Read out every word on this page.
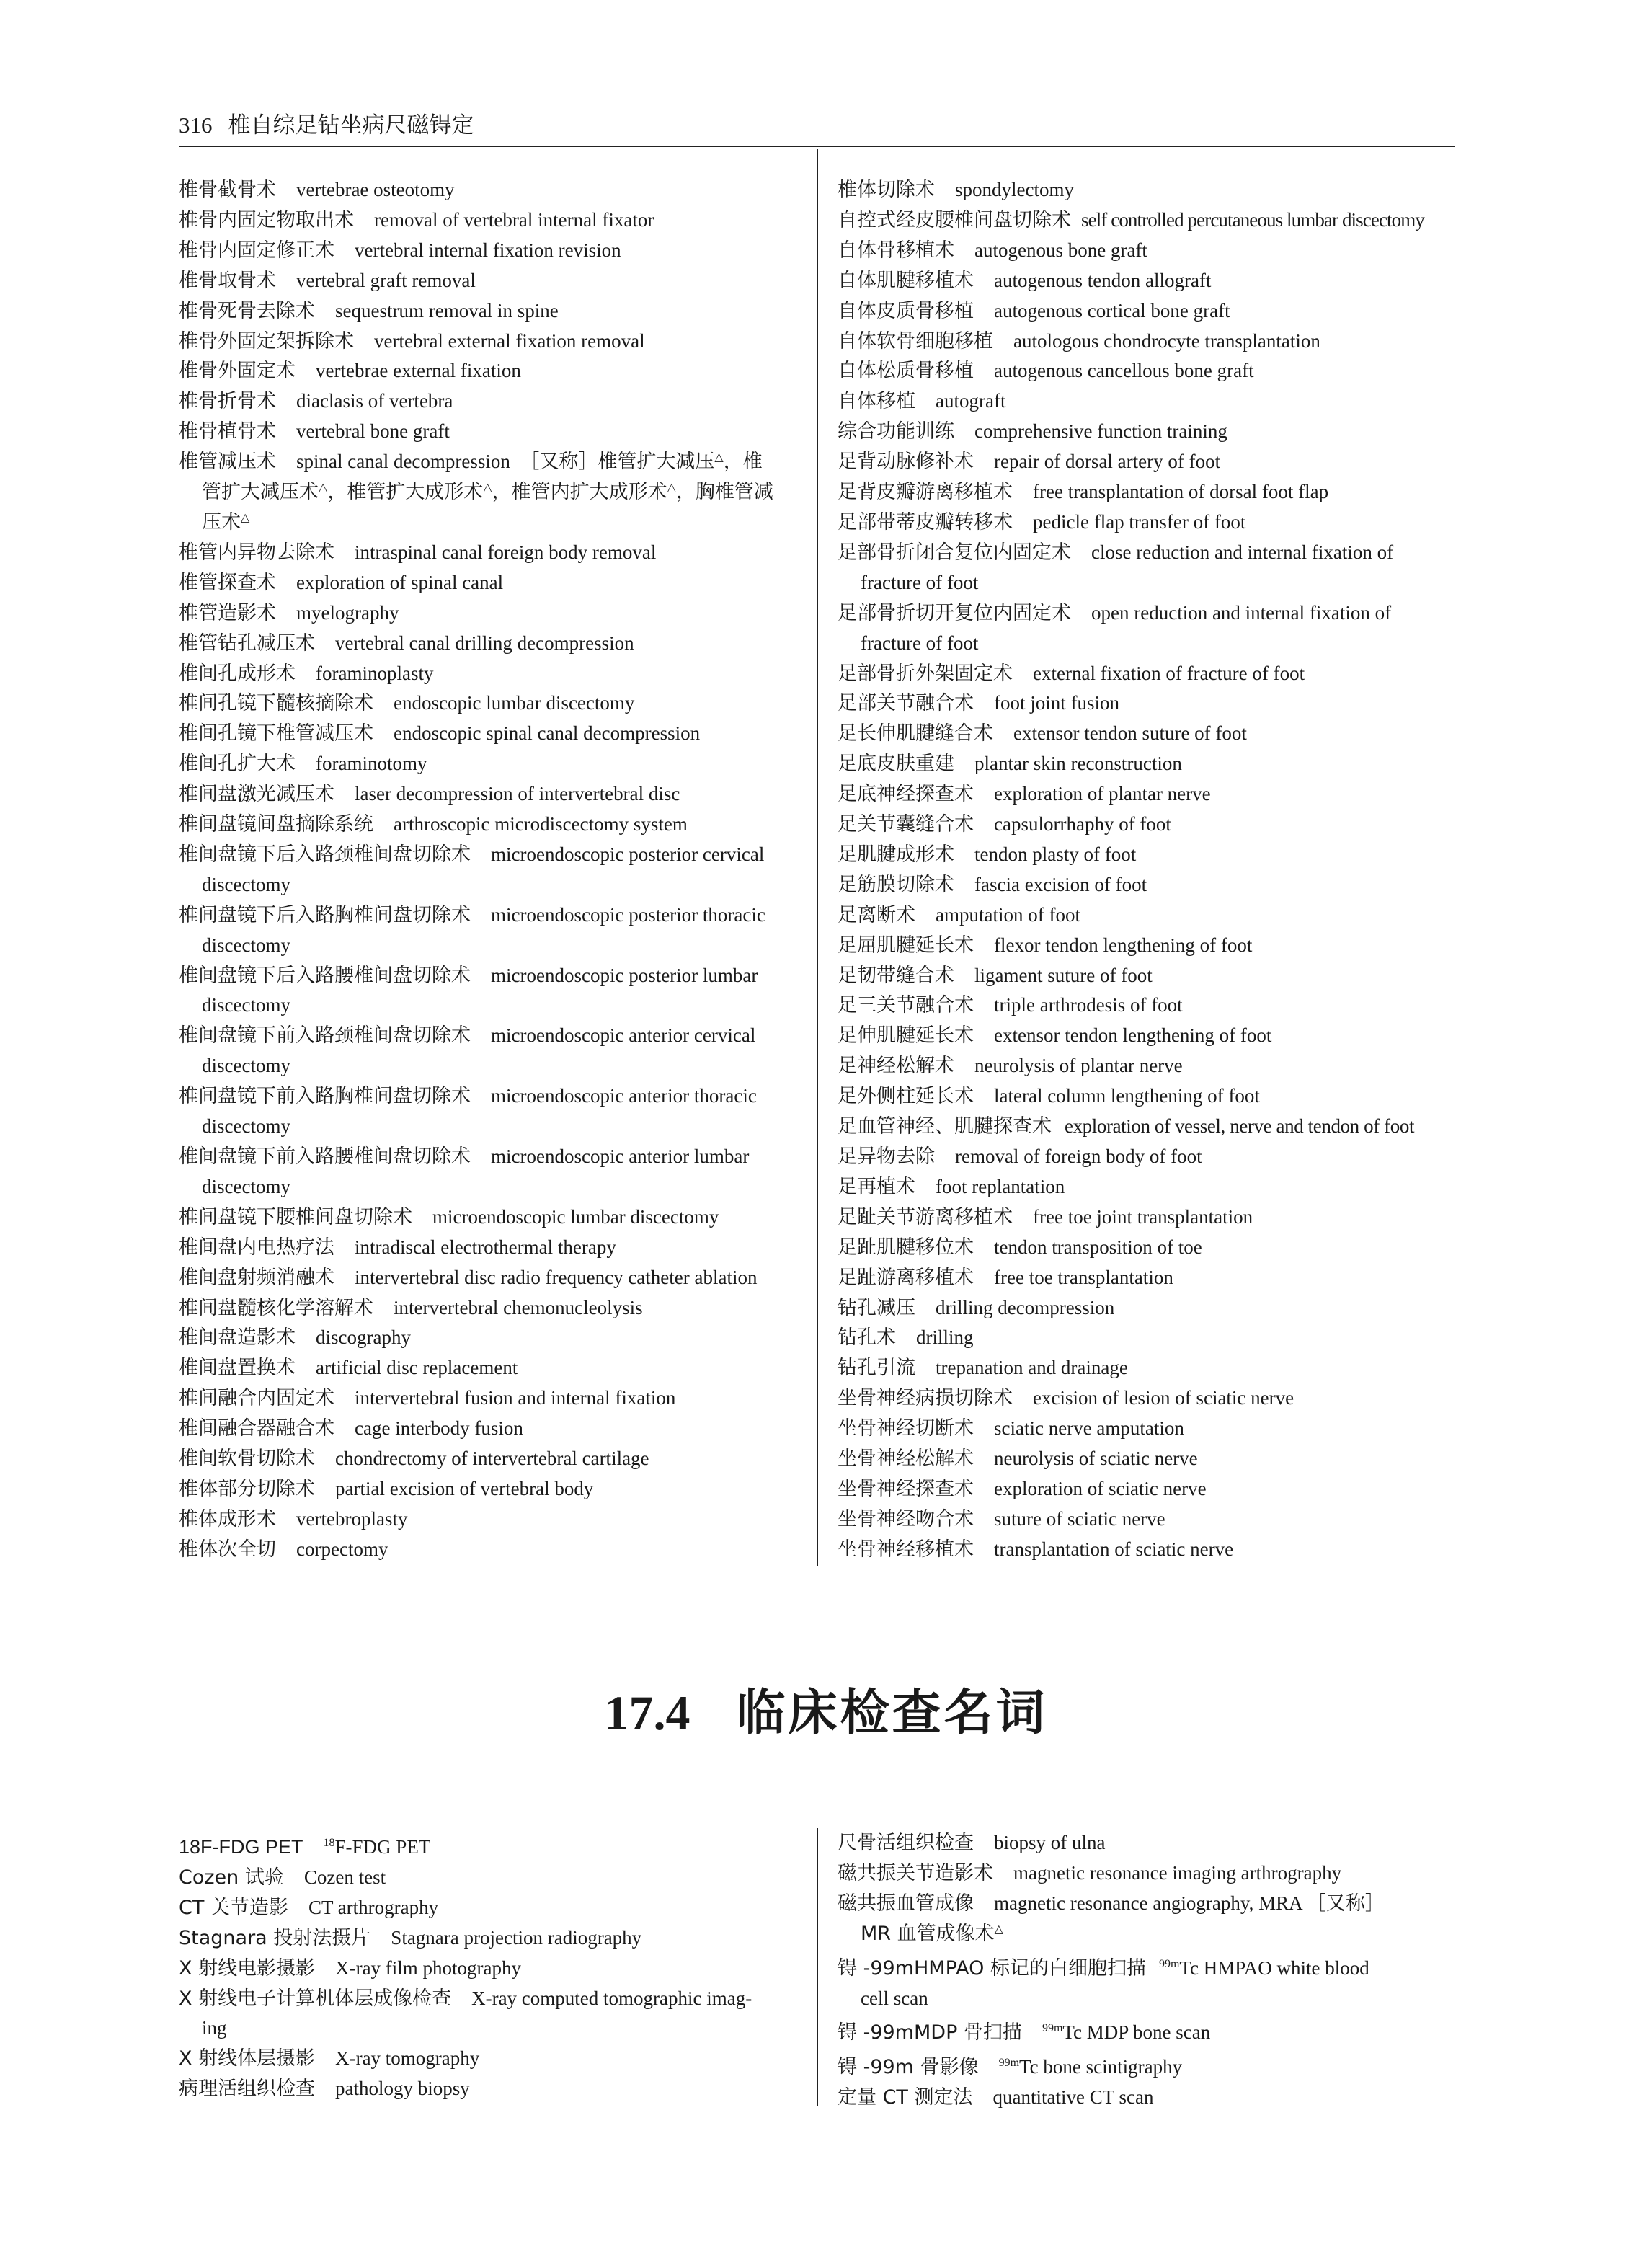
316 椎自综足钻坐病尺磁锝定
椎骨截骨术 vertebrae osteotomy
椎骨内固定物取出术 removal of vertebral internal fixator
椎骨内固定修正术 vertebral internal fixation revision
椎骨取骨术 vertebral graft removal
椎骨死骨去除术 sequestrum removal in spine
椎骨外固定架拆除术 vertebral external fixation removal
椎骨外固定术 vertebrae external fixation
椎骨折骨术 diaclasis of vertebra
椎骨植骨术 vertebral bone graft
椎管减压术 spinal canal decompression ［又称］椎管扩大减压△，椎
管扩大减压术△，椎管扩大成形术△，椎管内扩大成形术△，胸椎管减
压术△
椎管内异物去除术 intraspinal canal foreign body removal
椎管探查术 exploration of spinal canal
椎管造影术 myelography
椎管钻孔减压术 vertebral canal drilling decompression
椎间孔成形术 foraminoplasty
椎间孔镜下髓核摘除术 endoscopic lumbar discectomy
椎间孔镜下椎管减压术 endoscopic spinal canal decompression
椎间孔扩大术 foraminotomy
椎间盘激光减压术 laser decompression of intervertebral disc
椎间盘镜间盘摘除系统 arthroscopic microdiscectomy system
椎间盘镜下后入路颈椎间盘切除术 microendoscopic posterior cervical
discectomy
椎间盘镜下后入路胸椎间盘切除术 microendoscopic posterior thoracic
discectomy
椎间盘镜下后入路腰椎间盘切除术 microendoscopic posterior lumbar
discectomy
椎间盘镜下前入路颈椎间盘切除术 microendoscopic anterior cervical
discectomy
椎间盘镜下前入路胸椎间盘切除术 microendoscopic anterior thoracic
discectomy
椎间盘镜下前入路腰椎间盘切除术 microendoscopic anterior lumbar
discectomy
椎间盘镜下腰椎间盘切除术 microendoscopic lumbar discectomy
椎间盘内电热疗法 intradiscal electrothermal therapy
椎间盘射频消融术 intervertebral disc radio frequency catheter ablation
椎间盘髓核化学溶解术 intervertebral chemonucleolysis
椎间盘造影术 discography
椎间盘置换术 artificial disc replacement
椎间融合内固定术 intervertebral fusion and internal fixation
椎间融合器融合术 cage interbody fusion
椎间软骨切除术 chondrectomy of intervertebral cartilage
椎体部分切除术 partial excision of vertebral body
椎体成形术 vertebroplasty
椎体次全切 corpectomy
椎体切除术 spondylectomy
自控式经皮腰椎间盘切除术 self controlled percutaneous lumbar discectomy
自体骨移植术 autogenous bone graft
自体肌腱移植术 autogenous tendon allograft
自体皮质骨移植 autogenous cortical bone graft
自体软骨细胞移植 autologous chondrocyte transplantation
自体松质骨移植 autogenous cancellous bone graft
自体移植 autograft
综合功能训练 comprehensive function training
足背动脉修补术 repair of dorsal artery of foot
足背皮瓣游离移植术 free transplantation of dorsal foot flap
足部带蒂皮瓣转移术 pedicle flap transfer of foot
足部骨折闭合复位内固定术 close reduction and internal fixation of
fracture of foot
足部骨折切开复位内固定术 open reduction and internal fixation of
fracture of foot
足部骨折外架固定术 external fixation of fracture of foot
足部关节融合术 foot joint fusion
足长伸肌腱缝合术 extensor tendon suture of foot
足底皮肤重建 plantar skin reconstruction
足底神经探查术 exploration of plantar nerve
足关节囊缝合术 capsulorrhaphy of foot
足肌腱成形术 tendon plasty of foot
足筋膜切除术 fascia excision of foot
足离断术 amputation of foot
足屈肌腱延长术 flexor tendon lengthening of foot
足韧带缝合术 ligament suture of foot
足三关节融合术 triple arthrodesis of foot
足伸肌腱延长术 extensor tendon lengthening of foot
足神经松解术 neurolysis of plantar nerve
足外侧柱延长术 lateral column lengthening of foot
足血管神经、肌腱探查术 exploration of vessel, nerve and tendon of foot
足异物去除 removal of foreign body of foot
足再植术 foot replantation
足趾关节游离移植术 free toe joint transplantation
足趾肌腱移位术 tendon transposition of toe
足趾游离移植术 free toe transplantation
钻孔减压 drilling decompression
钻孔术 drilling
钻孔引流 trepanation and drainage
坐骨神经病损切除术 excision of lesion of sciatic nerve
坐骨神经切断术 sciatic nerve amputation
坐骨神经松解术 neurolysis of sciatic nerve
坐骨神经探查术 exploration of sciatic nerve
坐骨神经吻合术 suture of sciatic nerve
坐骨神经移植术 transplantation of sciatic nerve
17.4 临床检查名词
18F-FDG PET $^{18}$F-FDG PET
Cozen 试验 Cozen test
CT 关节造影 CT arthrography
Stagnara 投射法摄片 Stagnara projection radiography
X 射线电影摄影 X-ray film photography
X 射线电子计算机体层成像检查 X-ray computed tomographic imag-
ing
X 射线体层摄影 X-ray tomography
病理活组织检查 pathology biopsy
尺骨活组织检查 biopsy of ulna
磁共振关节造影术 magnetic resonance imaging arthrography
磁共振血管成像 magnetic resonance angiography, MRA ［又称］
MR 血管成像术△
锝 -99mHMPAO 标记的白细胞扫描 $^{99m}$Tc HMPAO white blood
cell scan
锝 -99mMDP 骨扫描 $^{99m}$Tc MDP bone scan
锝 -99m 骨影像 $^{99m}$Tc bone scintigraphy
定量 CT 测定法 quantitative CT scan
